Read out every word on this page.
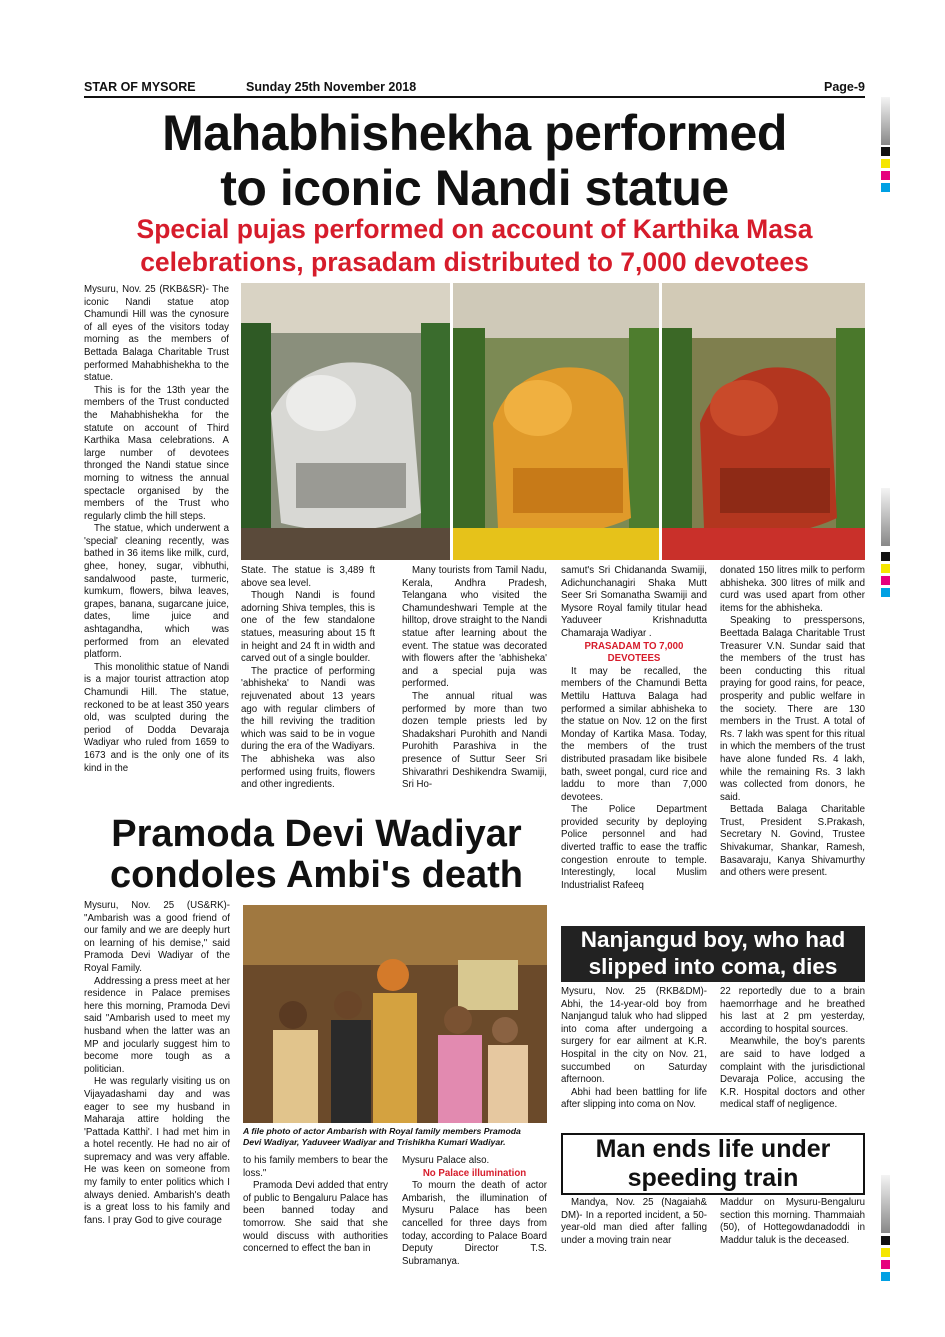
STAR OF MYSORE	Sunday 25th November 2018	Page-9
Mahabhishekha performed
to iconic Nandi statue
Special pujas performed on account of Karthika Masa
celebrations, prasadam distributed to 7,000 devotees

Mysuru, Nov. 25 (RKB&SR)- The iconic Nandi statue atop Chamundi Hill was the cynosure of all eyes of the visitors today morning as the members of Bettada Balaga Charitable Trust performed Mahabhishekha to the statue.

This is for the 13th year the members of the Trust conducted the Mahabhishekha for the statute on account of Third Karthika Masa celebrations. A large number of devotees thronged the Nandi statue since morning to witness the annual spectacle organised by the members of the Trust who regularly climb the hill steps.

The statue, which underwent a 'special' cleaning recently, was bathed in 36 items like milk, curd, ghee, honey, sugar, vibhuthi, sandalwood paste, turmeric, kumkum, flowers, bilwa leaves, grapes, banana, sugarcane juice, dates, lime juice and ashtagandha, which was performed from an elevated platform.

This monolithic statue of Nandi is a major tourist attraction atop Chamundi Hill. The statue, reckoned to be at least 350 years old, was sculpted during the period of Dodda Devaraja Wadiyar who ruled from 1659 to 1673 and is the only one of its kind in the

State. The statue is 3,489 ft above sea level.

Though Nandi is found adorning Shiva temples, this is one of the few standalone statues, measuring about 15 ft in height and 24 ft in width and carved out of a single boulder.

The practice of performing 'abhisheka' to Nandi was rejuvenated about 13 years ago with regular climbers of the hill reviving the tradition which was said to be in vogue during the era of the Wadiyars. The abhisheka was also performed using fruits, flowers and other ingredients.

Many tourists from Tamil Nadu, Kerala, Andhra Pradesh, Telangana who visited the Chamundeshwari Temple at the hilltop, drove straight to the Nandi statue after learning about the event. The statue was decorated with flowers after the 'abhisheka' and a special puja was performed.

The annual ritual was performed by more than two dozen temple priests led by Shadakshari Purohith and Nandi Purohith Parashiva in the presence of Suttur Seer Sri Shivarathri Deshikendra Swamiji, Sri Ho-

samut's Sri Chidananda Swamiji, Adichunchanagiri Shaka Mutt Seer Sri Somanatha Swamiji and Mysore Royal family titular head Yaduveer Krishnadutta Chamaraja Wadiyar .

PRASADAM TO 7,000

DEVOTEES

It may be recalled, the members of the Chamundi Betta Mettilu Hattuva Balaga had performed a similar abhisheka to the statue on Nov. 12 on the first Monday of Kartika Masa. Today, the members of the trust distributed prasadam like bisibele bath, sweet pongal, curd rice and laddu to more than 7,000 devotees.

The Police Department provided security by deploying Police personnel and had diverted traffic to ease the traffic congestion enroute to temple. Interestingly, local Muslim Industrialist Rafeeq

donated 150 litres milk to perform abhisheka. 300 litres of milk and curd was used apart from other items for the abhisheka.

Speaking to presspersons, Beettada Balaga Charitable Trust Treasurer V.N. Sundar said that the members of the trust has been conducting this ritual praying for good rains, for peace, prosperity and public welfare in the society. There are 130 members in the Trust. A total of Rs. 7 lakh was spent for this ritual in which the members of the trust have alone funded Rs. 4 lakh, while the remaining Rs. 3 lakh was collected from donors, he said.

Bettada Balaga Charitable Trust, President S.Prakash, Secretary N. Govind, Trustee Shivakumar, Shankar, Ramesh, Basavaraju, Kanya Shivamurthy and others were present.

Pramoda Devi Wadiyar
condoles Ambi's death

Mysuru, Nov. 25 (US&RK)- "Ambarish was a good friend of our family and we are deeply hurt on learning of his demise," said Pramoda Devi Wadiyar of the Royal Family.

Addressing a press meet at her residence in Palace premises here this morning, Pramoda Devi said "Ambarish used to meet my husband when the latter was an MP and jocularly suggest him to become more tough as a politician.

He was regularly visiting us on Vijayadashami day and was eager to see my husband in Maharaja attire holding the 'Pattada Katthi'. I had met him in a hotel recently. He had no air of supremacy and was very affable. He was keen on someone from my family to enter politics which I always denied. Ambarish's death is a great loss to his family and fans. I pray God to give courage

A file photo of actor Ambarish with Royal family members Pramoda
Devi Wadiyar, Yaduveer Wadiyar and Trishikha Kumari Wadiyar.

to his family members to bear the loss."

Pramoda Devi added that entry of public to Bengaluru Palace has been banned today and tomorrow. She said that she would discuss with authorities concerned to effect the ban in

Mysuru Palace also.

No Palace illumination

To mourn the death of actor Ambarish, the illumination of Mysuru Palace has been cancelled for three days from today, according to Palace Board Deputy Director T.S. Subramanya.

Nanjangud boy, who had
slipped into coma, dies

Mysuru, Nov. 25 (RKB&DM)- Abhi, the 14-year-old boy from Nanjangud taluk who had slipped into coma after undergoing a surgery for ear ailment at K.R. Hospital in the city on Nov. 21, succumbed on Saturday afternoon.

Abhi had been battling for life after slipping into coma on Nov.

22 reportedly due to a brain haemorrhage and he breathed his last at 2 pm yesterday, according to hospital sources.

Meanwhile, the boy's parents are said to have lodged a complaint with the jurisdictional Devaraja Police, accusing the K.R. Hospital doctors and other medical staff of negligence.

Man ends life under
speeding train

Mandya, Nov. 25 (Nagaiah& DM)- In a reported incident, a 50-year-old man died after falling under a moving train near

Maddur on Mysuru-Bengaluru section this morning. Thammaiah (50), of Hottegowdanadoddi in Maddur taluk is the deceased.
